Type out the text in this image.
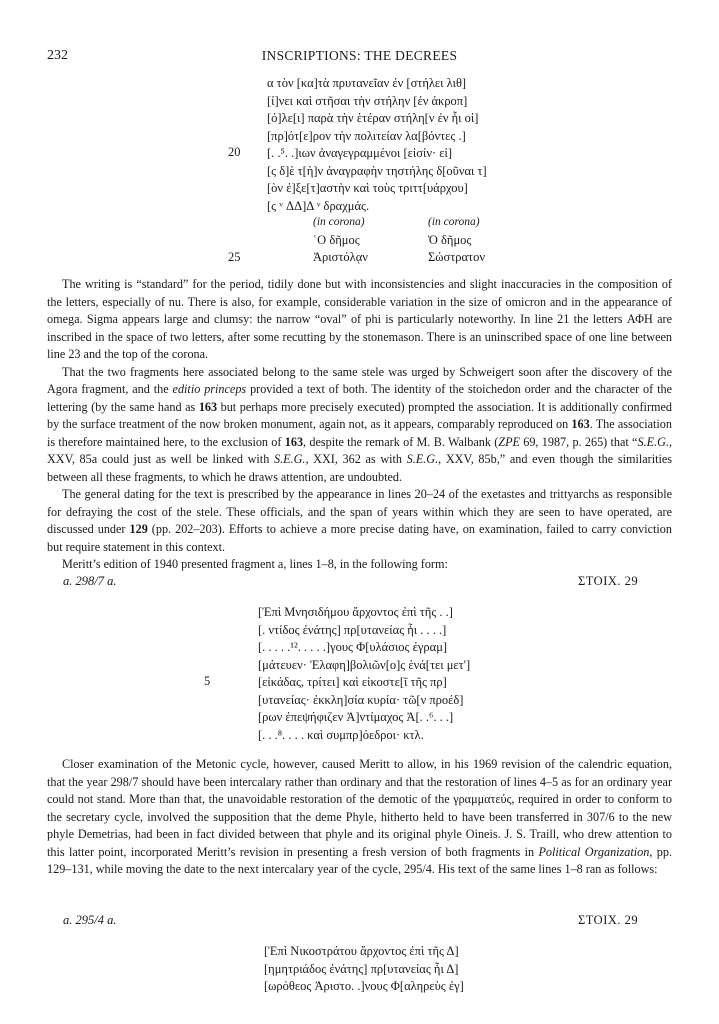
232	INSCRIPTIONS: THE DECREES
α τὸν [κα]τὰ πρυτανεῖαν ἐν [στήλει λιθ]
[ί]νει καὶ στῆσαι τὴν στήλην [ἐν ἀκροπ]
[ό]λε[ι] παρὰ τὴν ἑτέραν στήλη[ν ἐν ἧι οἱ]
[πρ]ότ[ε]ρον τὴν πολιτείαν λα[βόντες .]
[. .⁵. .]ιων ἀναγεγραμμένοι [εἰσίν· εἰ]
[ς δ]ὲ τ[ὴ]ν ἀναγραφὴν τηστήλης δ[οῦναι τ]
[ὸν ἐ]ξε[τ]αστὴν καὶ τοὺς τριττ[υάρχου]
[ς ᵛ ΔΔ]Δ ᵛ δραχμάς.
20
(in corona)	(in corona)
ʿΟ δῆμος	Ὁ δῆμος
25	Ἀριστόλᾳν	Σώστρατον

The writing is “standard” for the period, tidily done but with inconsistencies and slight inaccuracies in the composition of the letters, especially of nu. There is also, for example, considerable variation in the size of omicron and in the appearance of omega. Sigma appears large and clumsy: the narrow “oval” of phi is particularly noteworthy. In line 21 the letters ΑΦΗ are inscribed in the space of two letters, after some recutting by the stonemason. There is an uninscribed space of one line between line 23 and the top of the corona.

That the two fragments here associated belong to the same stele was urged by Schweigert soon after the discovery of the Agora fragment, and the editio princeps provided a text of both. The identity of the stoichedon order and the character of the lettering (by the same hand as 163 but perhaps more precisely executed) prompted the association. It is additionally confirmed by the surface treatment of the now broken monument, again not, as it appears, comparably reproduced on 163. The association is therefore maintained here, to the exclusion of 163, despite the remark of M. B. Walbank (ZPE 69, 1987, p. 265) that “S.E.G., XXV, 85a could just as well be linked with S.E.G., XXI, 362 as with S.E.G., XXV, 85b,” and even though the similarities between all these fragments, to which he draws attention, are undoubted.

The general dating for the text is prescribed by the appearance in lines 20–24 of the exetastes and trittyarchs as responsible for defraying the cost of the stele. These officials, and the span of years within which they are seen to have operated, are discussed under 129 (pp. 202–203). Efforts to achieve a more precise dating have, on examination, failed to carry conviction but require statement in this context.

Meritt’s edition of 1940 presented fragment a, lines 1–8, in the following form:

a. 298/7 a.	ΣΤΟΙΧ. 29
[Ἐπὶ Μνησιδήμου ἄρχοντος ἐπὶ τῆς . .]
[. ντίδος ἐνάτης] πρ[υτανείας ἧι . . . .]
[. . . . .¹². . . . .]γους Φ[υλάσιος ἐγραμ]
[μάτευεν· Ἐλαφη]βολιῶν[ο]ς ἑνά[τει μετ']
[εἰκάδας, τρίτει] καὶ εἰκοστε[ῖ τῆς πρ]
[υτανείας· ἐκκλη]σία κυρία· τῶ[ν προέδ]
[ρων ἐπεψήφιζεν Ἀ]ντίμαχος Ἀ[. .⁶. . .]
[. . .⁸. . . . καὶ συμπρ]όεδροι· κτλ.
5

Closer examination of the Metonic cycle, however, caused Meritt to allow, in his 1969 revision of the calendric equation, that the year 298/7 should have been intercalary rather than ordinary and that the restoration of lines 4–5 as for an ordinary year could not stand. More than that, the unavoidable restoration of the demotic of the γραμματεύς, required in order to conform to the secretary cycle, involved the supposition that the deme Phyle, hitherto held to have been transferred in 307/6 to the new phyle Demetrias, had been in fact divided between that phyle and its original phyle Oineis. J. S. Traill, who drew attention to this latter point, incorporated Meritt’s revision in presenting a fresh version of both fragments in Political Organization, pp. 129–131, while moving the date to the next intercalary year of the cycle, 295/4. His text of the same lines 1–8 ran as follows:

a. 295/4 a.	ΣΤΟΙΧ. 29
[Ἐπὶ Νικοστράτου ἄρχοντος ἐπὶ τῆς Δ]
[ημητριάδος ἐνάτης] πρ[υτανείας ἧι Δ]
[ωρόθεος Ἀριστο. .]νους Φ[αληρεὺς ἐγ]
